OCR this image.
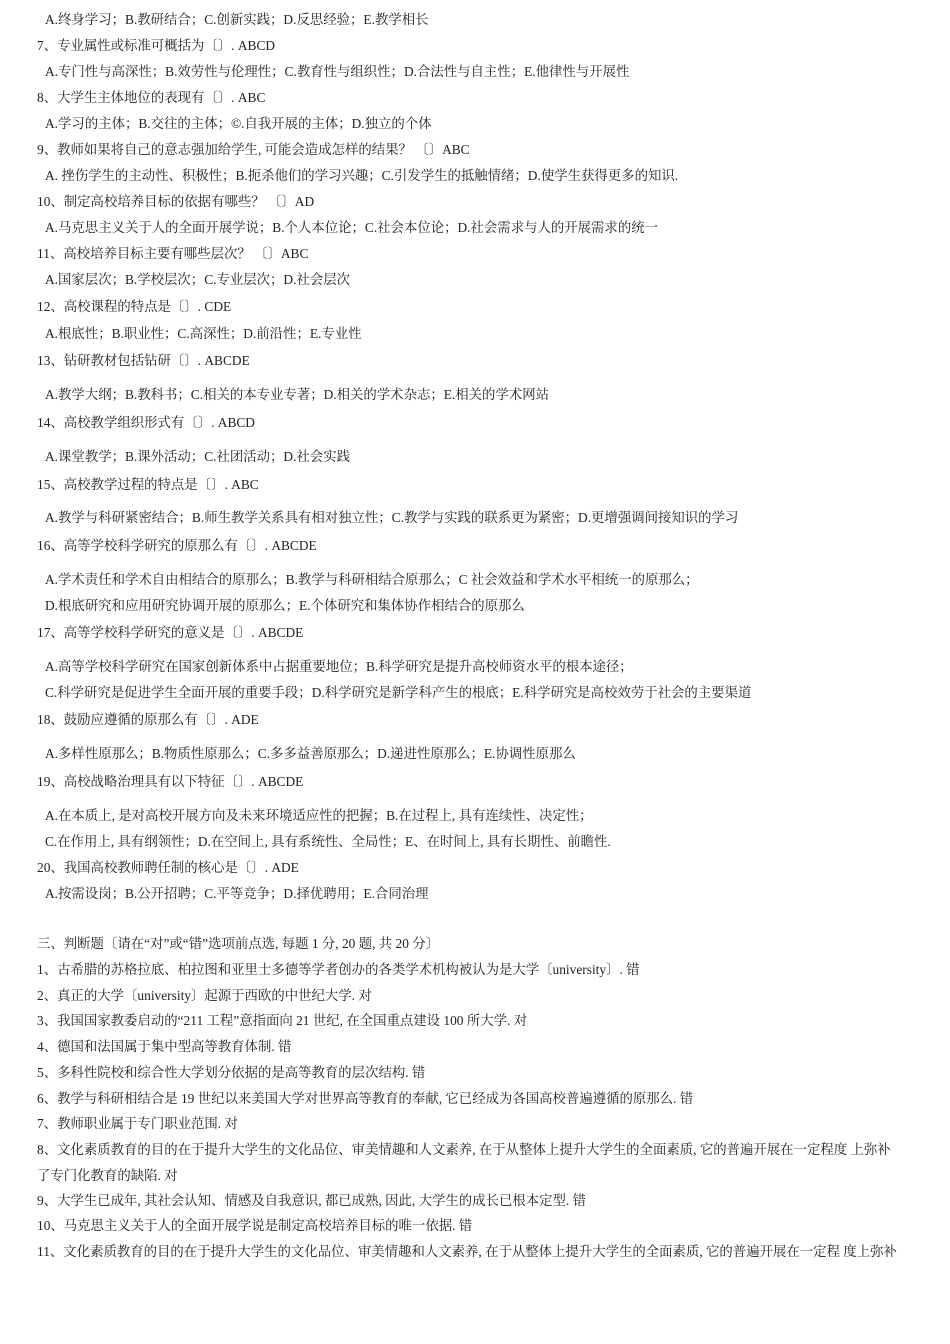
A.终身学习；B.教研结合；C.创新实践；D.反思经验；E.教学相长
7、专业属性或标准可概括为〔〕. ABCD
A.专门性与高深性；B.效劳性与伦理性；C.教育性与组织性；D.合法性与自主性；E.他律性与开展性
8、大学生主体地位的表现有〔〕. ABC
A.学习的主体；B.交往的主体；©.自我开展的主体；D.独立的个体
9、教师如果将自己的意志强加给学生, 可能会造成怎样的结果？ 〔〕ABC
A. 挫伤学生的主动性、积极性；B.扼杀他们的学习兴趣；C.引发学生的抵触情绪；D.使学生获得更多的知识.
10、制定高校培养目标的依据有哪些？ 〔〕AD
A.马克思主义关于人的全面开展学说；B.个人本位论；C.社会本位论；D.社会需求与人的开展需求的统一
11、高校培养目标主要有哪些层次？ 〔〕ABC
A.国家层次；B.学校层次；C.专业层次；D.社会层次
12、高校课程的特点是〔〕. CDE
A.根底性；B.职业性；C.高深性；D.前沿性；E.专业性
13、钻研教材包括钻研〔〕. ABCDE
A.教学大纲；B.教科书；C.相关的本专业专著；D.相关的学术杂志；E.相关的学术网站
14、高校教学组织形式有〔〕. ABCD
A.课堂教学；B.课外活动；C.社团活动；D.社会实践
15、高校教学过程的特点是〔〕. ABC
A.教学与科研紧密结合；B.师生教学关系具有相对独立性；C.教学与实践的联系更为紧密；D.更增强调间接知识的学习
16、高等学校科学研究的原那么有〔〕. ABCDE
A.学术责任和学术自由相结合的原那么；B.教学与科研相结合原那么；C 社会效益和学术水平相统一的原那么；
D.根底研究和应用研究协调开展的原那么；E.个体研究和集体协作相结合的原那么
17、高等学校科学研究的意义是〔〕. ABCDE
A.高等学校科学研究在国家创新体系中占据重要地位；B.科学研究是提升高校师资水平的根本途径；
C.科学研究是促进学生全面开展的重要手段；D.科学研究是新学科产生的根底；E.科学研究是高校效劳于社会的主要渠道
18、鼓励应遵循的原那么有〔〕. ADE
A.多样性原那么；B.物质性原那么；C.多多益善原那么；D.递进性原那么；E.协调性原那么
19、高校战略治理具有以下特征〔〕. ABCDE
A.在本质上, 是对高校开展方向及未来环境适应性的把握；B.在过程上, 具有连续性、决定性；
C.在作用上, 具有纲领性；D.在空间上, 具有系统性、全局性；E、在时间上, 具有长期性、前瞻性.
20、我国高校教师聘任制的核心是〔〕. ADE
A.按需设岗；B.公开招聘；C.平等竞争；D.择优聘用；E.合同治理
三、判断题〔请在“对”或“错”选项前点选, 每题 1 分, 20 题, 共 20 分〕
1、古希腊的苏格拉底、柏拉图和亚里士多德等学者创办的各类学术机构被认为是大学〔university〕. 错
2、真正的大学〔university〕起源于西欧的中世纪大学. 对
3、我国国家教委启动的“211 工程”意指面向 21 世纪, 在全国重点建设 100 所大学. 对
4、德国和法国属于集中型高等教育体制. 错
5、多科性院校和综合性大学划分依据的是高等教育的层次结构. 错
6、教学与科研相结合是 19 世纪以来美国大学对世界高等教育的奉献, 它已经成为各国高校普遍遵循的原那么. 错
7、教师职业属于专门职业范围. 对
8、文化素质教育的目的在于提升大学生的文化品位、审美情趣和人文素养, 在于从整体上提升大学生的全面素质, 它的普遍开展在一定程度 上弥补
了专门化教育的缺陷. 对
9、大学生已成年, 其社会认知、情感及自我意识, 都已成熟, 因此, 大学生的成长已根本定型. 错
10、马克思主义关于人的全面开展学说是制定高校培养目标的唯一依据. 错
11、文化素质教育的目的在于提升大学生的文化品位、审美情趣和人文素养, 在于从整体上提升大学生的全面素质, 它的普遍开展在一定程 度上弥补
